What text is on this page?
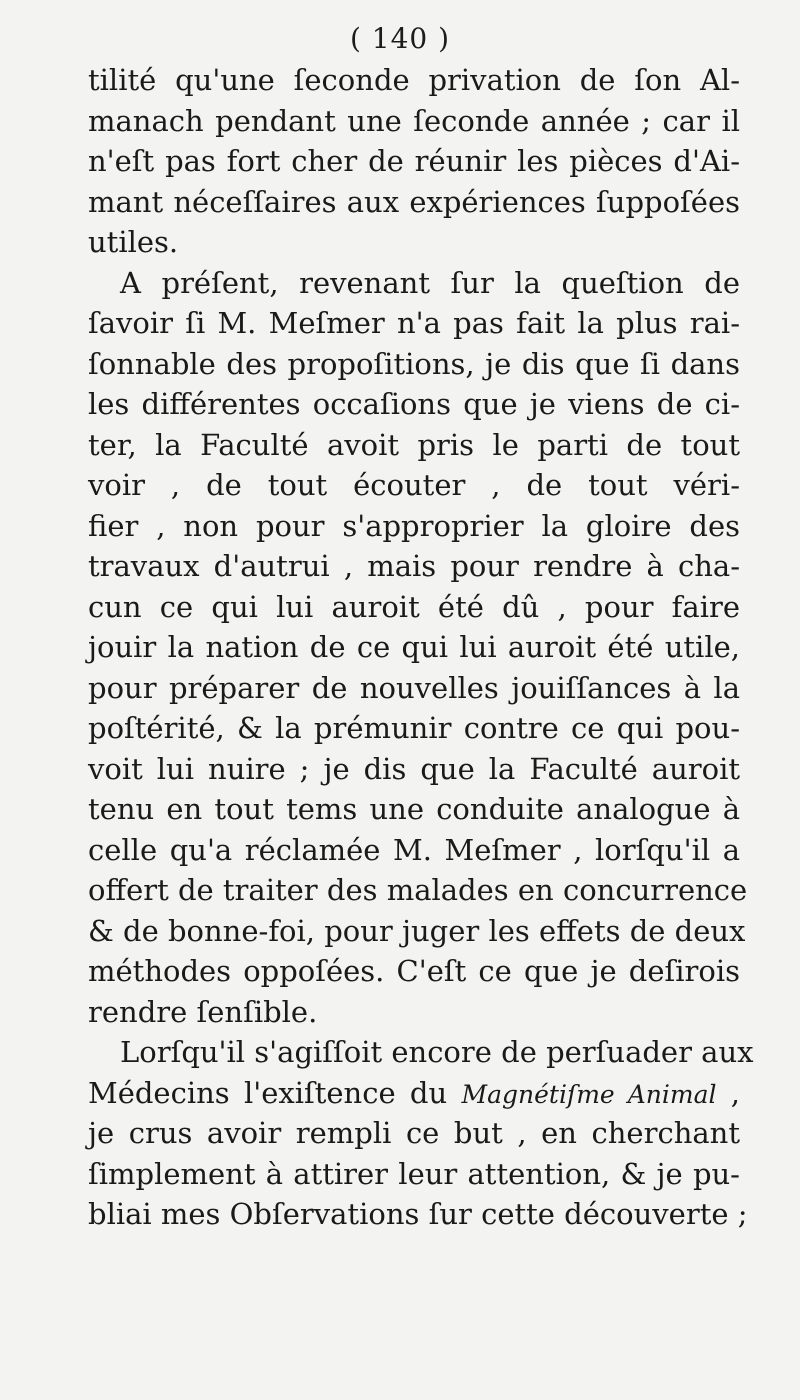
( 140 )
tilité qu'une ſeconde privation de ſon Al-
manach pendant une ſeconde année ; car il
n'eſt pas fort cher de réunir les pièces d'Ai-
mant néceſſaires aux expériences ſuppoſées
utiles.
A préſent, revenant ſur la queſtion de
ſavoir ſi M. Meſmer n'a pas fait la plus rai-
ſonnable des propoſitions, je dis que ſi dans
les différentes occaſions que je viens de ci-
ter, la Faculté avoit pris le parti de tout
voir , de tout écouter , de tout véri-
fier , non pour s'approprier la gloire des
travaux d'autrui , mais pour rendre à cha-
cun ce qui lui auroit été dû , pour faire
jouir la nation de ce qui lui auroit été utile,
pour préparer de nouvelles jouiſſances à la
poſtérité, & la prémunir contre ce qui pou-
voit lui nuire ; je dis que la Faculté auroit
tenu en tout tems une conduite analogue à
celle qu'a réclamée M. Meſmer , lorſqu'il a
offert de traiter des malades en concurrence
& de bonne-foi, pour juger les effets de deux
méthodes oppoſées. C'eſt ce que je deſirois
rendre ſenſible.
Lorſqu'il s'agiſſoit encore de perſuader aux
Médecins l'exiſtence du Magnétiſme Animal ,
je crus avoir rempli ce but , en cherchant
ſimplement à attirer leur attention, & je pu-
bliai mes Obſervations ſur cette découverte ;
